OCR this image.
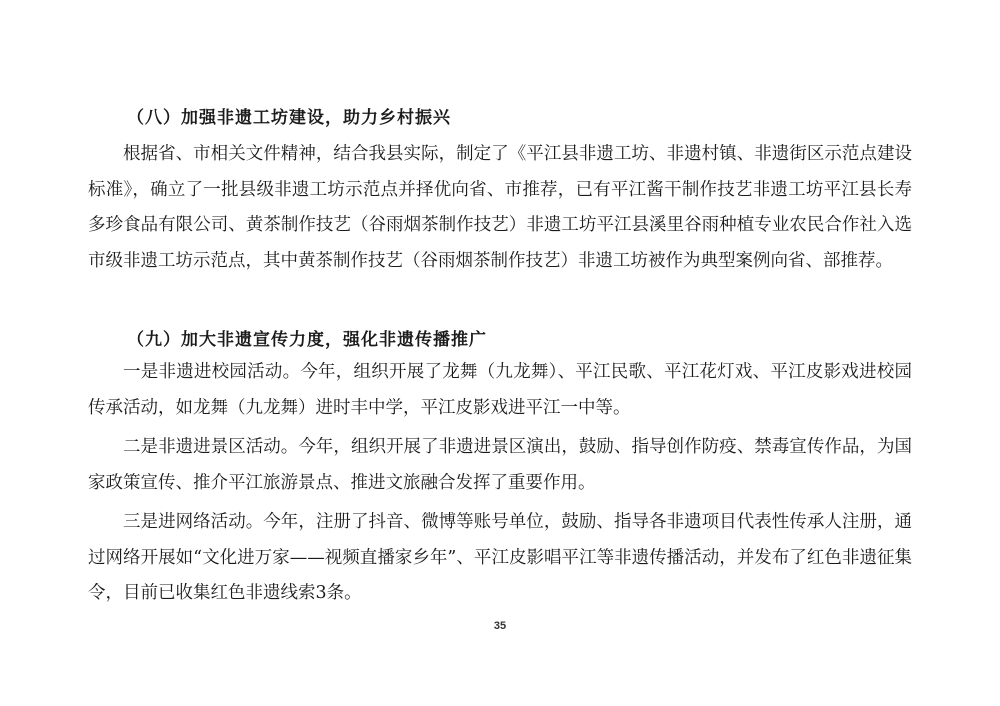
（八）加强非遗工坊建设，助力乡村振兴

根据省、市相关文件精神，结合我县实际，制定了《平江县非遗工坊、非遗村镇、非遗街区示范点建设标准》，确立了一批县级非遗工坊示范点并择优向省、市推荐，已有平江酱干制作技艺非遗工坊平江县长寿多珍食品有限公司、黄茶制作技艺（谷雨烟茶制作技艺）非遗工坊平江县溪里谷雨种植专业农民合作社入选市级非遗工坊示范点，其中黄茶制作技艺（谷雨烟茶制作技艺）非遗工坊被作为典型案例向省、部推荐。

（九）加大非遗宣传力度，强化非遗传播推广

一是非遗进校园活动。今年，组织开展了龙舞（九龙舞）、平江民歌、平江花灯戏、平江皮影戏进校园传承活动，如龙舞（九龙舞）进时丰中学，平江皮影戏进平江一中等。

二是非遗进景区活动。今年，组织开展了非遗进景区演出，鼓励、指导创作防疫、禁毒宣传作品，为国家政策宣传、推介平江旅游景点、推进文旅融合发挥了重要作用。

三是进网络活动。今年，注册了抖音、微博等账号单位，鼓励、指导各非遗项目代表性传承人注册，通过网络开展如“文化进万家——视频直播家乡年”、平江皮影唱平江等非遗传播活动，并发布了红色非遗征集令，目前已收集红色非遗线索3条。

35
